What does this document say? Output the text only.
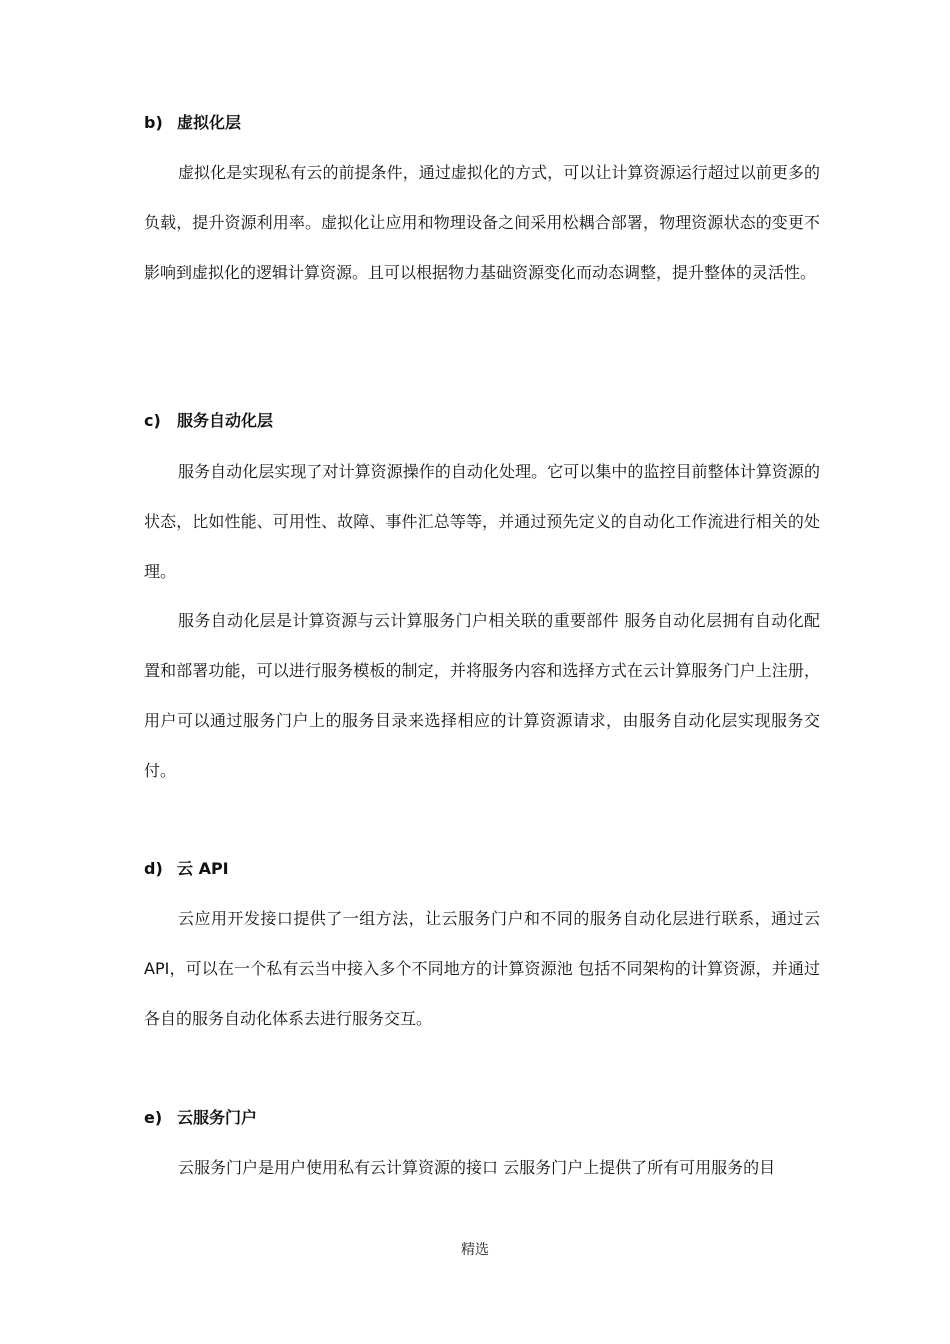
b) 虚拟化层

虚拟化是实现私有云的前提条件，通过虚拟化的方式，可以让计算资源运行超过以前更多的负载，提升资源利用率。虚拟化让应用和物理设备之间采用松耦合部署，物理资源状态的变更不影响到虚拟化的逻辑计算资源。且可以根据物力基础资源变化而动态调整，提升整体的灵活性。

c) 服务自动化层

服务自动化层实现了对计算资源操作的自动化处理。它可以集中的监控目前整体计算资源的状态，比如性能、可用性、故障、事件汇总等等，并通过预先定义的自动化工作流进行相关的处理。

服务自动化层是计算资源与云计算服务门户相关联的重要部件 服务自动化层拥有自动化配置和部署功能，可以进行服务模板的制定，并将服务内容和选择方式在云计算服务门户上注册，用户可以通过服务门户上的服务目录来选择相应的计算资源请求，由服务自动化层实现服务交付。

d) 云 API

云应用开发接口提供了一组方法，让云服务门户和不同的服务自动化层进行联系，通过云 API，可以在一个私有云当中接入多个不同地方的计算资源池 包括不同架构的计算资源，并通过各自的服务自动化体系去进行服务交互。

e) 云服务门户

云服务门户是用户使用私有云计算资源的接口 云服务门户上提供了所有可用服务的目

精选
